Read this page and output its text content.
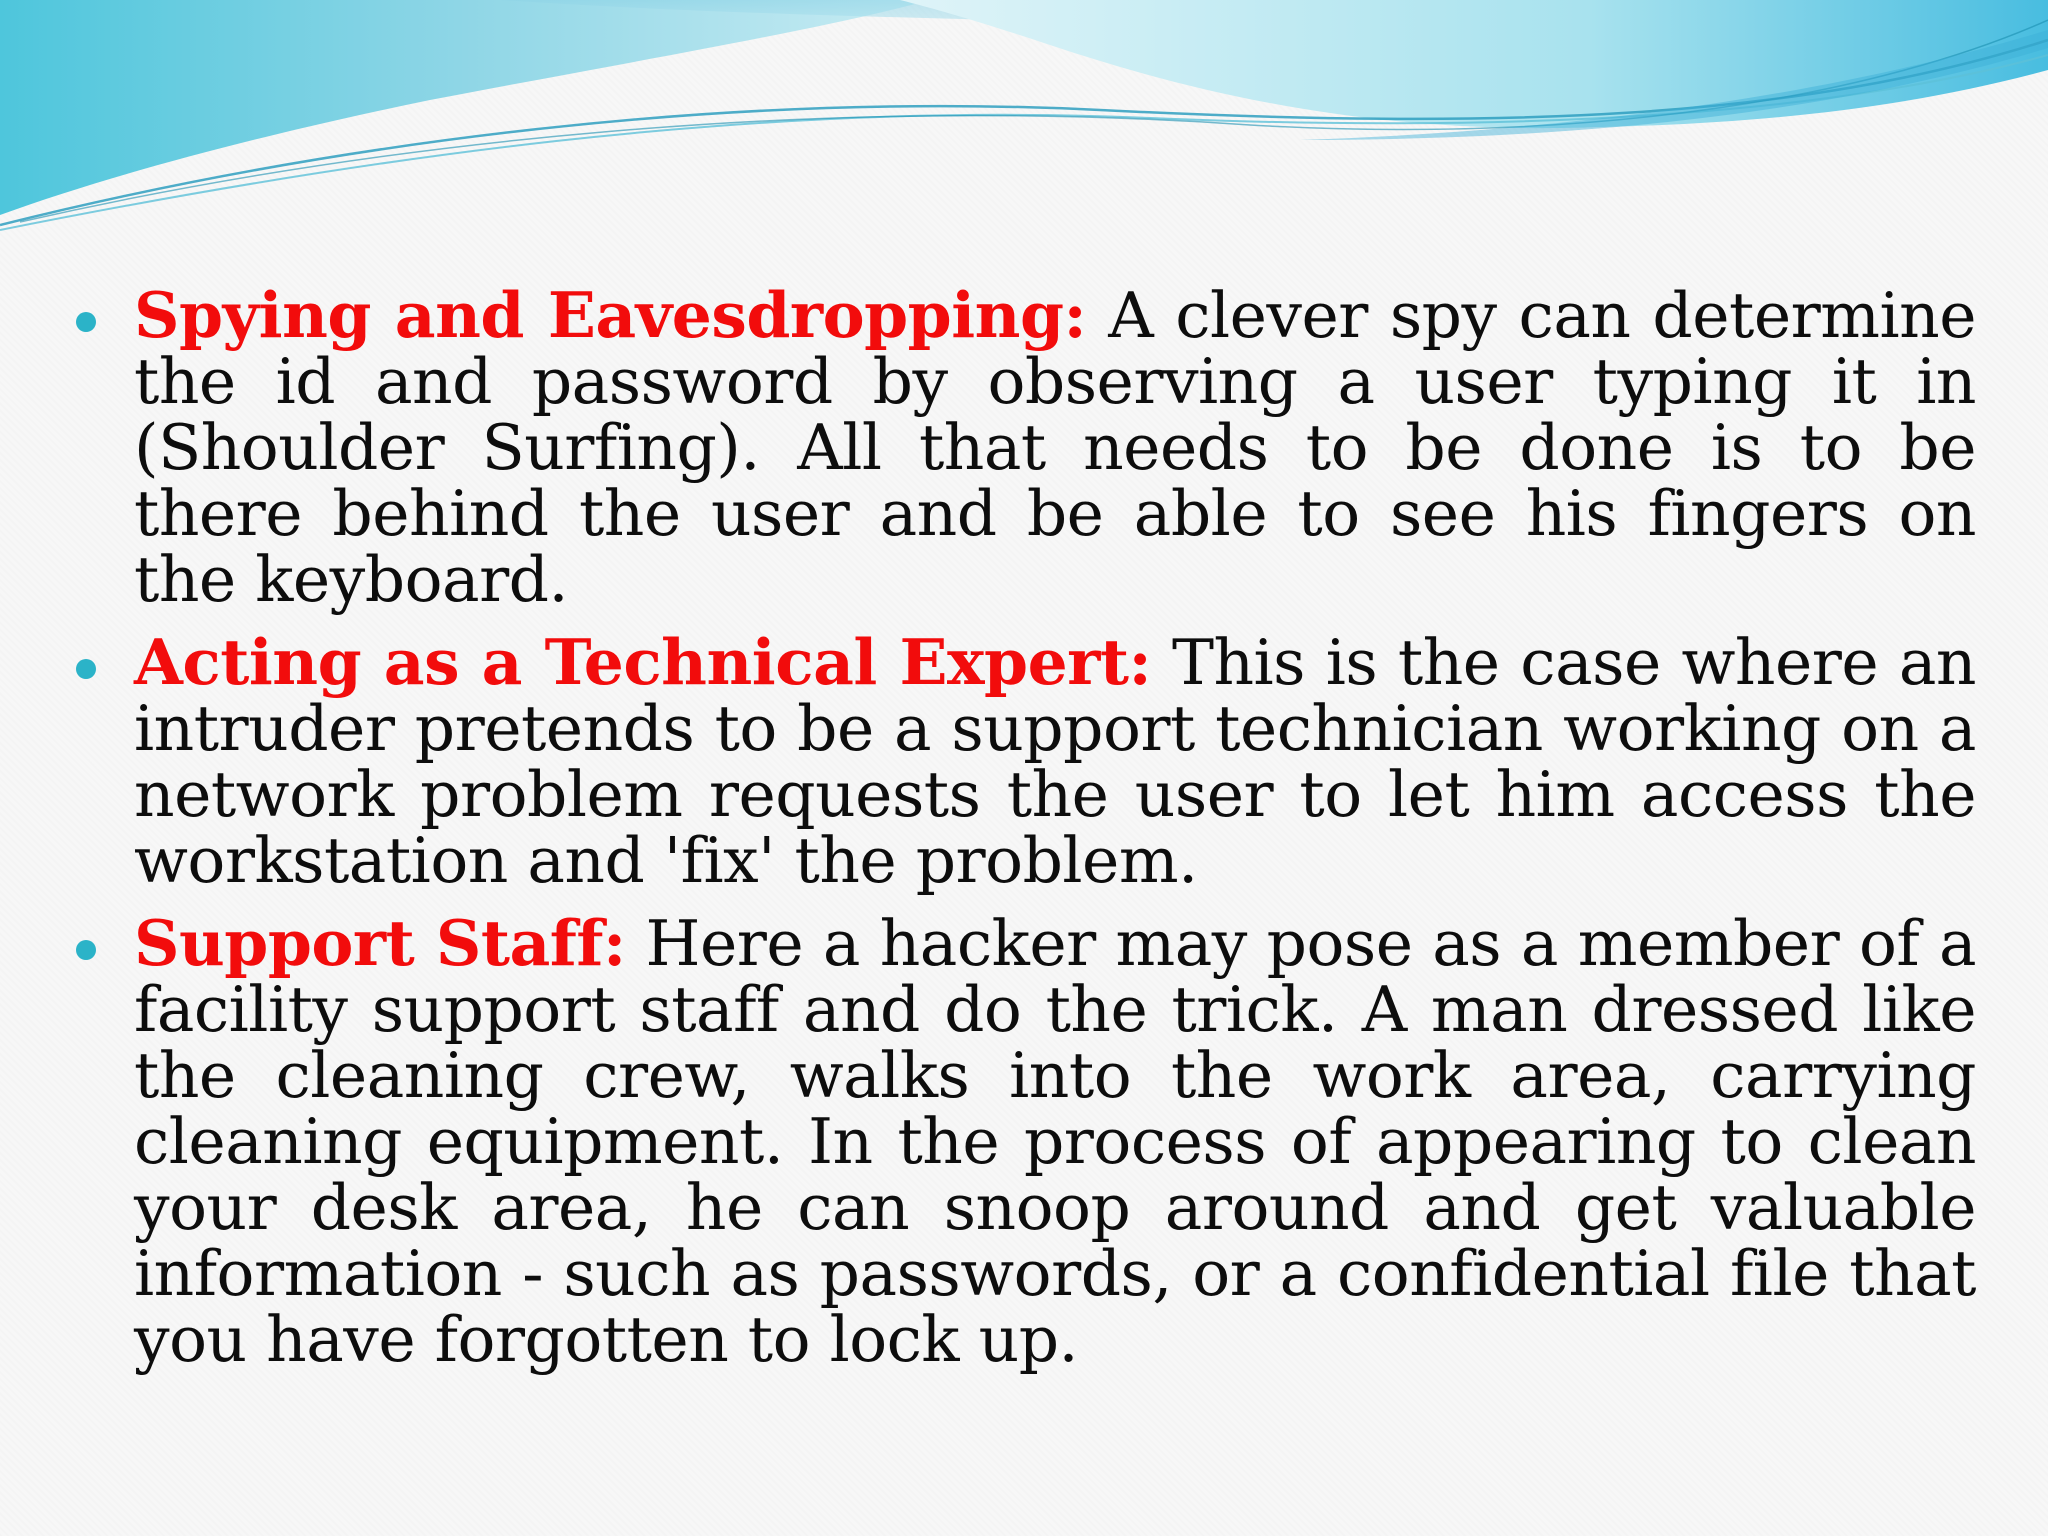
Spying and Eavesdropping: A clever spy can determine the id and password by observing a user typing it in (Shoulder Surfing). All that needs to be done is to be there behind the user and be able to see his fingers on the keyboard.
Acting as a Technical Expert: This is the case where an intruder pretends to be a support technician working on a network problem requests the user to let him access the workstation and 'fix' the problem.
Support Staff: Here a hacker may pose as a member of a facility support staff and do the trick. A man dressed like the cleaning crew, walks into the work area, carrying cleaning equipment. In the process of appearing to clean your desk area, he can snoop around and get valuable information - such as passwords, or a confidential file that you have forgotten to lock up.
